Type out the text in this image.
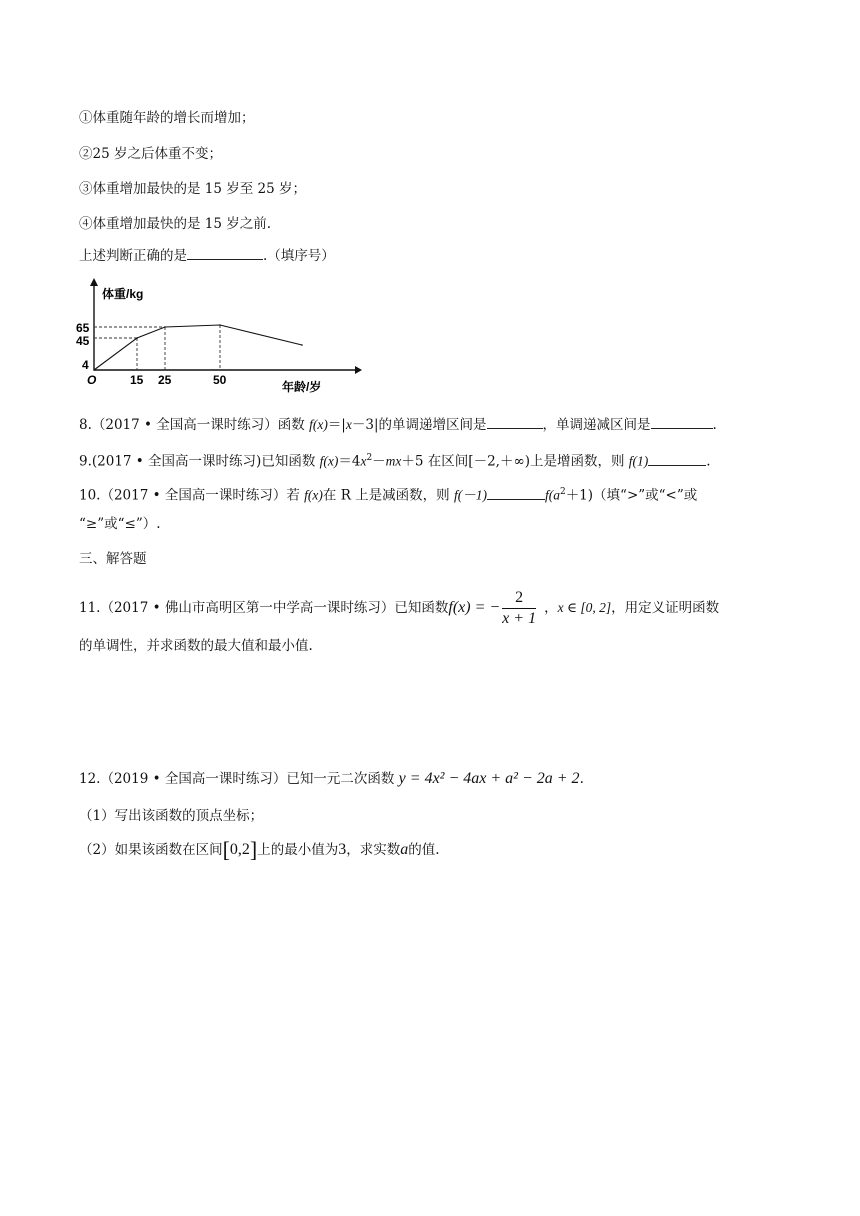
①体重随年龄的增长而增加；
②25 岁之后体重不变；
③体重增加最快的是 15 岁至 25 岁；
④体重增加最快的是 15 岁之前.
上述判断正确的是	.（填序号）
体重/kg
年龄/岁
O
65
45
4
15 25	50
8.（2017 • 全国高一课时练习）函数 f(x)＝|x－3|的单调递增区间是	，单调递减区间是	.
9.(2017 • 全国高一课时练习)已知函数 $f(x)=4x^2-mx+5$ 在区间[－2,＋∞)上是增函数，则 f(1)	.
10.（2017 • 全国高一课时练习）若 f(x)在 R 上是减函数，则 f(－1)	$f(a^2+1)$（填“>”或“<”或
“≥”或“≤”）.
三、解答题
11.（2017 • 佛山市高明区第一中学高一课时练习）已知函数 f(x) = − $\frac{2}{x + 1}$ ， x ∈ [0, 2] ，用定义证明函数
的单调性，并求函数的最大值和最小值.
12.（2019 • 全国高一课时练习）已知一元二次函数 y = 4x² − 4ax + a² − 2a + 2.
（1）写出该函数的顶点坐标；
（2）如果该函数在区间[0,2]上的最小值为3，求实数a的值.
